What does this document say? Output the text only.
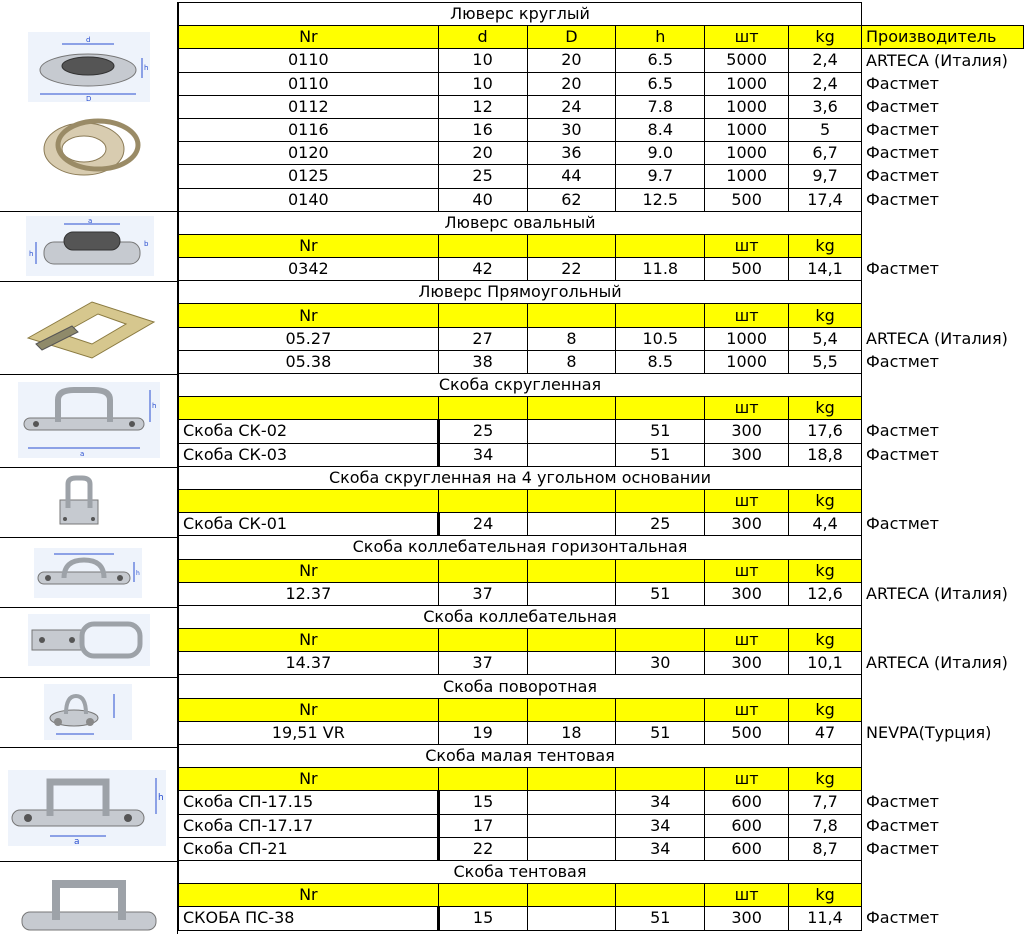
d
D
h
a
b
h
a
h
h
a
h
Люверс круглый						
Nr	d	D	h	шт	kg	Производитель
0110	10	20	6.5	5000	2,4	ARTECA (Италия)
0110	10	20	6.5	1000	2,4	Фастмет
0112	12	24	7.8	1000	3,6	Фастмет
0116	16	30	8.4	1000	5	Фастмет
0120	20	36	9.0	1000	6,7	Фастмет
0125	25	44	9.7	1000	9,7	Фастмет
0140	40	62	12.5	500	17,4	Фастмет
Люверс овальный						
Nr				шт	kg	
0342	42	22	11.8	500	14,1	Фастмет
Люверс Прямоугольный						
Nr				шт	kg	
05.27	27	8	10.5	1000	5,4	ARTECA (Италия)
05.38	38	8	8.5	1000	5,5	Фастмет
Скоба скругленная						
				шт	kg	
Скоба СК-02	25		51	300	17,6	Фастмет
Скоба СК-03	34		51	300	18,8	Фастмет
Скоба скругленная на 4 угольном основании						
				шт	kg	
Скоба СК-01	24		25	300	4,4	Фастмет
Скоба коллебательная горизонтальная						
Nr				шт	kg	
12.37	37		51	300	12,6	ARTECA (Италия)
Скоба коллебательная						
Nr				шт	kg	
14.37	37		30	300	10,1	ARTECA (Италия)
Скоба поворотная						
Nr				шт	kg	
19,51 VR	19	18	51	500	47	NEVPA(Турция)
Скоба малая тентовая						
Nr				шт	kg	
Скоба СП-17.15	15		34	600	7,7	Фастмет
Скоба СП-17.17	17		34	600	7,8	Фастмет
Скоба СП-21	22		34	600	8,7	Фастмет
Скоба тентовая						
Nr				шт	kg	
СКОБА ПС-38	15		51	300	11,4	Фастмет
